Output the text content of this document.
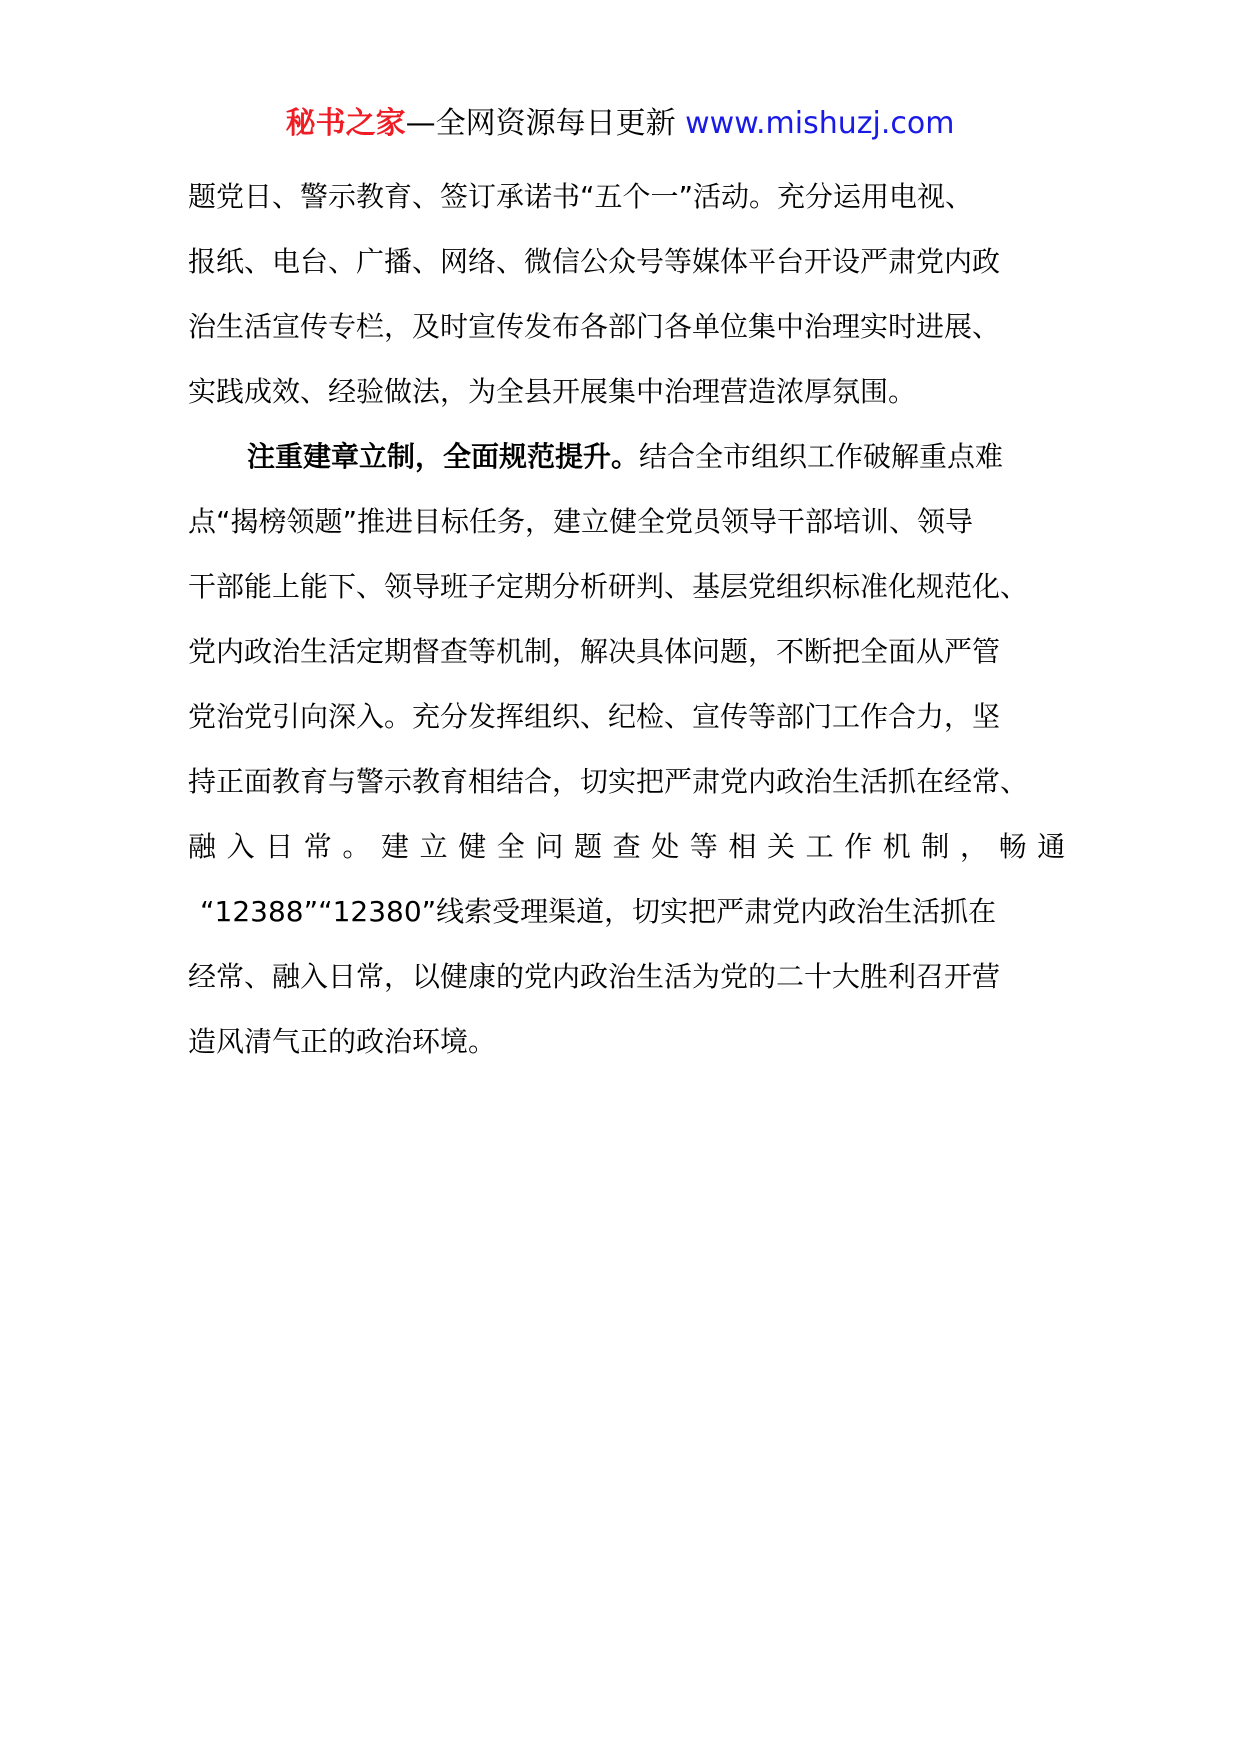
秘书之家—全网资源每日更新 www.mishuzj.com
题党日、警示教育、签订承诺书“五个一”活动。充分运用电视、
报纸、电台、广播、网络、微信公众号等媒体平台开设严肃党内政
治生活宣传专栏，及时宣传发布各部门各单位集中治理实时进展、
实践成效、经验做法，为全县开展集中治理营造浓厚氛围。
注重建章立制，全面规范提升。结合全市组织工作破解重点难
点“揭榜领题”推进目标任务，建立健全党员领导干部培训、领导
干部能上能下、领导班子定期分析研判、基层党组织标准化规范化、
党内政治生活定期督查等机制，解决具体问题，不断把全面从严管
党治党引向深入。充分发挥组织、纪检、宣传等部门工作合力，坚
持正面教育与警示教育相结合，切实把严肃党内政治生活抓在经常、
融入日常。建立健全问题查处等相关工作机制，畅通
“12388”“12380”线索受理渠道，切实把严肃党内政治生活抓在
经常、融入日常，以健康的党内政治生活为党的二十大胜利召开营
造风清气正的政治环境。
